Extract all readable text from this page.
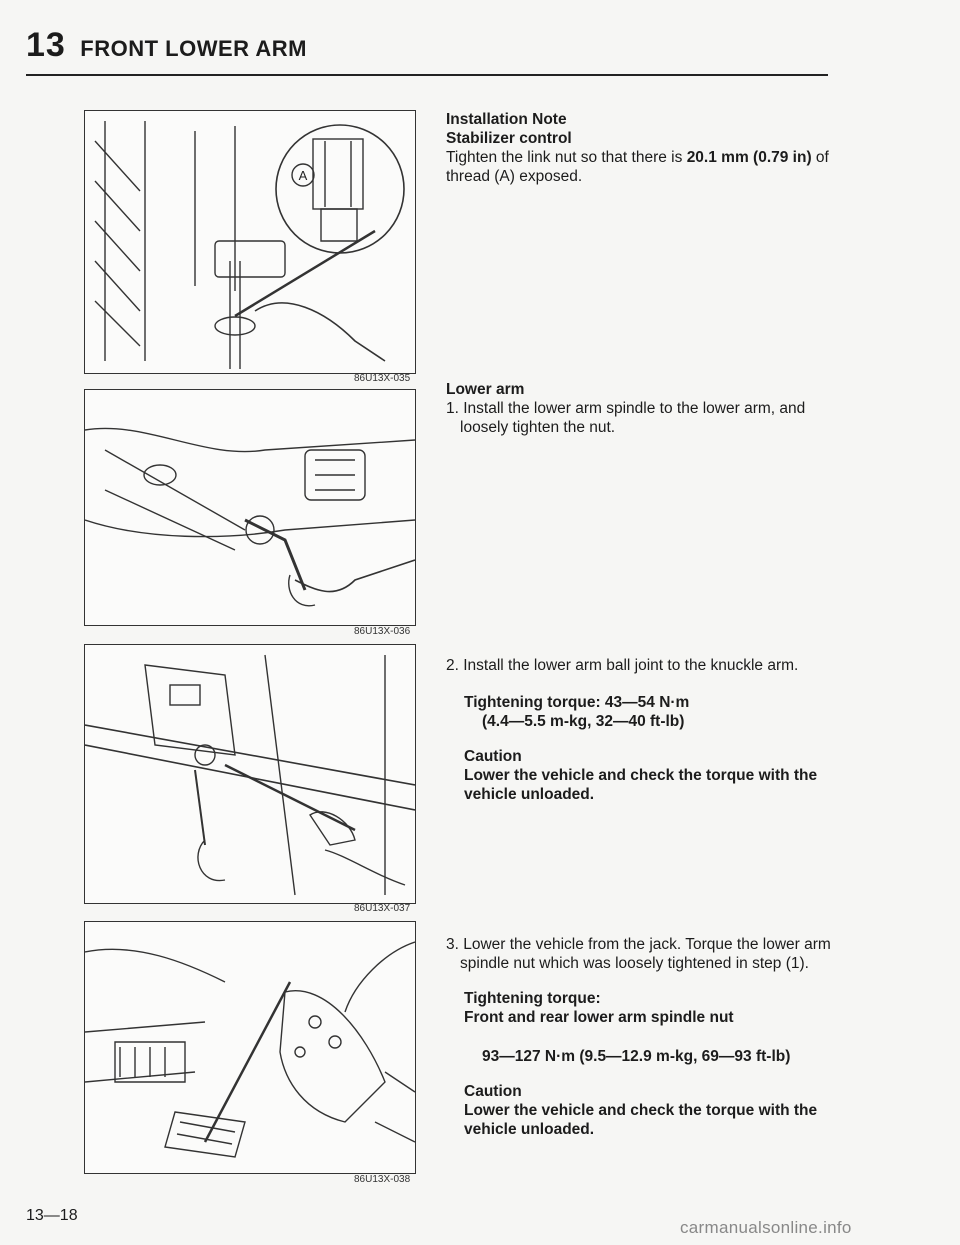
13 FRONT LOWER ARM
A
86U13X-035
86U13X-036
86U13X-037
86U13X-038
Installation Note
Stabilizer control
Tighten the link nut so that there is 20.1 mm (0.79 in) of thread (A) exposed.
Lower arm
1. Install the lower arm spindle to the lower arm, and loosely tighten the nut.
2. Install the lower arm ball joint to the knuckle arm.
Tightening torque: 43—54 N·m
(4.4—5.5 m-kg, 32—40 ft-lb)
Caution
Lower the vehicle and check the torque with the vehicle unloaded.
3. Lower the vehicle from the jack. Torque the lower arm spindle nut which was loosely tightened in step (1).
Tightening torque:
Front and rear lower arm spindle nut
93—127 N·m (9.5—12.9 m-kg, 69—93 ft-lb)
Caution
Lower the vehicle and check the torque with the vehicle unloaded.
13—18
carmanualsonline.info
